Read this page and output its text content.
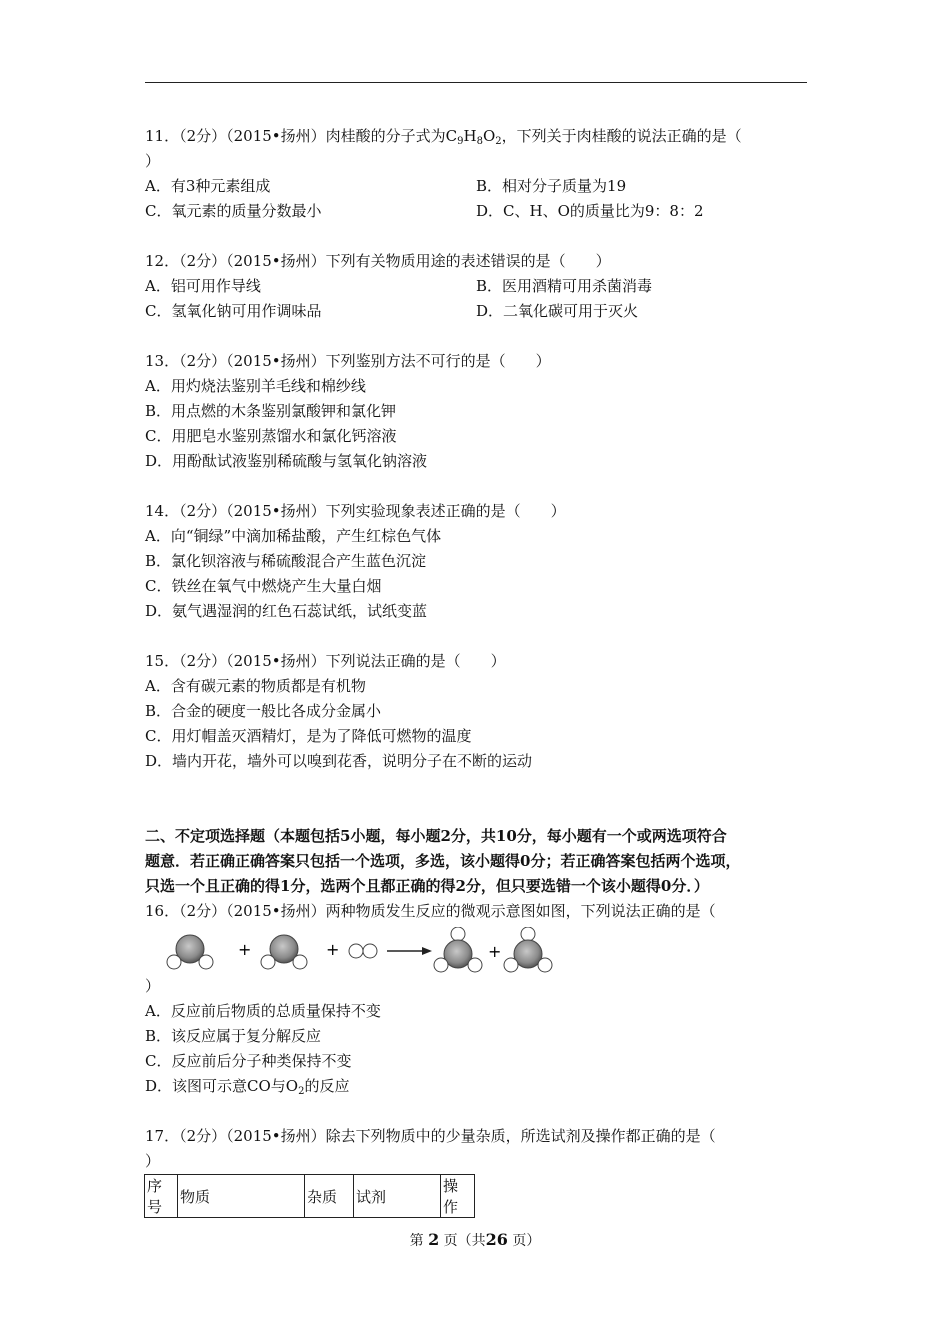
11．（2分）（2015•扬州）肉桂酸的分子式为$C_9H_8O_2$，下列关于肉桂酸的说法正确的是（
）
A．有3种元素组成	B．相对分子质量为19
C．氧元素的质量分数最小	D．C、H、O的质量比为9：8：2
12．（2分）（2015•扬州）下列有关物质用途的表述错误的是（　　）
A．铝可用作导线	B．医用酒精可用杀菌消毒
C．氢氧化钠可用作调味品	D．二氧化碳可用于灭火
13．（2分）（2015•扬州）下列鉴别方法不可行的是（　　）
A．用灼烧法鉴别羊毛线和棉纱线
B．用点燃的木条鉴别氯酸钾和氯化钾
C．用肥皂水鉴别蒸馏水和氯化钙溶液
D．用酚酞试液鉴别稀硫酸与氢氧化钠溶液
14．（2分）（2015•扬州）下列实验现象表述正确的是（　　）
A．向“铜绿”中滴加稀盐酸，产生红棕色气体
B．氯化钡溶液与稀硫酸混合产生蓝色沉淀
C．铁丝在氧气中燃烧产生大量白烟
D．氨气遇湿润的红色石蕊试纸，试纸变蓝
15．（2分）（2015•扬州）下列说法正确的是（　　）
A．含有碳元素的物质都是有机物
B．合金的硬度一般比各成分金属小
C．用灯帽盖灭酒精灯，是为了降低可燃物的温度
D．墙内开花，墙外可以嗅到花香，说明分子在不断的运动
二、不定项选择题（本题包括5小题，每小题2分，共10分，每小题有一个或两选项符合
题意．若正确正确答案只包括一个选项，多选，该小题得0分；若正确答案包括两个选项，
只选一个且正确的得1分，选两个且都正确的得2分，但只要选错一个该小题得0分．）
16．（2分）（2015•扬州）两种物质发生反应的微观示意图如图，下列说法正确的是（
+	+	+
）
A．反应前后物质的总质量保持不变
B．该反应属于复分解反应
C．反应前后分子种类保持不变
D．该图可示意CO与$O_2$的反应
17．（2分）（2015•扬州）除去下列物质中的少量杂质，所选试剂及操作都正确的是（
）
序号	物质	杂质	试剂	操作
第 2 页（共26 页）
